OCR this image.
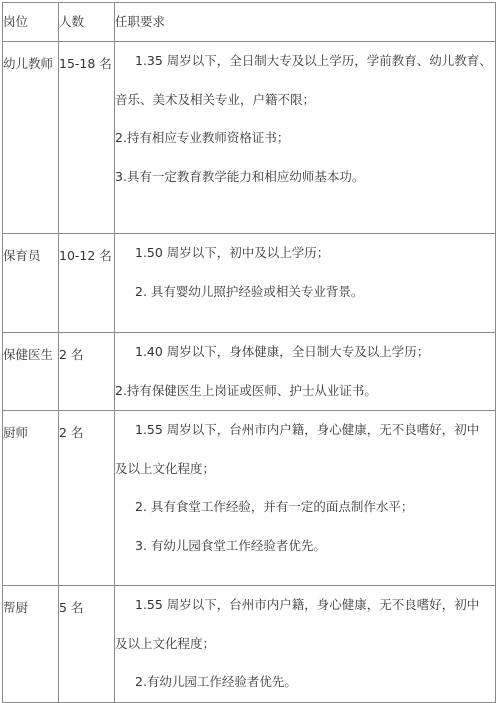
岗位	人数	任职要求

幼儿教师	15-18 名	1.35 周岁以下，全日制大专及以上学历，学前教育、幼儿教育、
音乐、美术及相关专业，户籍不限；
2.持有相应专业教师资格证书；
3.具有一定教育教学能力和相应幼师基本功。

保育员	10-12 名	1.50 周岁以下，初中及以上学历；
2. 具有婴幼儿照护经验或相关专业背景。

保健医生	2 名	1.40 周岁以下，身体健康，全日制大专及以上学历；
2.持有保健医生上岗证或医师、护士从业证书。

厨师	2 名	1.55 周岁以下，台州市内户籍，身心健康，无不良嗜好，初中
及以上文化程度；
2. 具有食堂工作经验，并有一定的面点制作水平；
3. 有幼儿园食堂工作经验者优先。

帮厨	5 名	1.55 周岁以下，台州市内户籍，身心健康，无不良嗜好，初中
及以上文化程度；
2.有幼儿园工作经验者优先。
